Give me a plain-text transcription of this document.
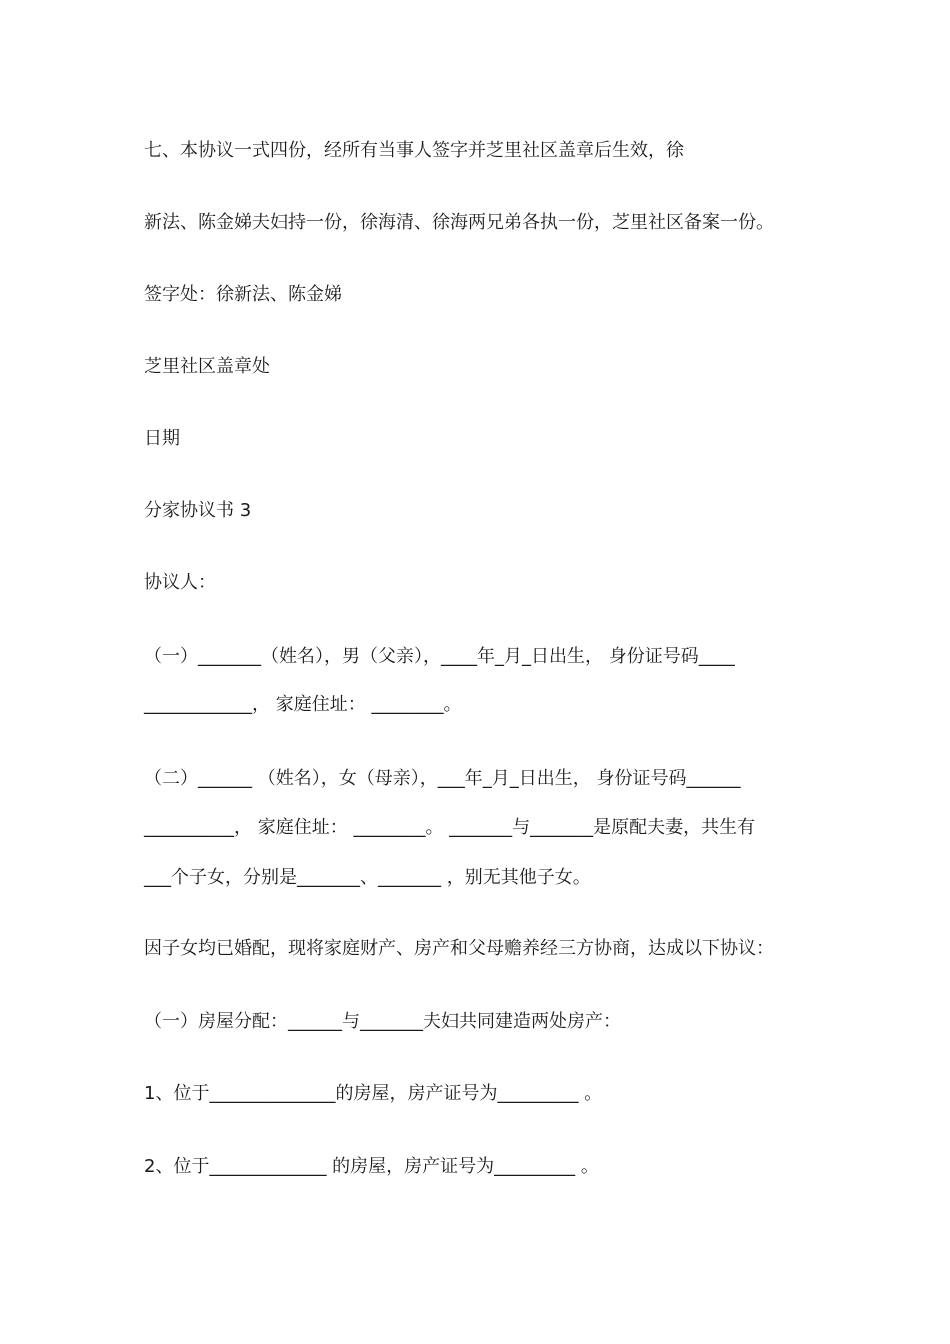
七、本协议一式四份，经所有当事人签字并芝里社区盖章后生效，徐
新法、陈金娣夫妇持一份，徐海清、徐海两兄弟各执一份，芝里社区备案一份。
签字处：徐新法、陈金娣
芝里社区盖章处
日期
分家协议书 3
协议人：
（一）_______（姓名），男（父亲），____年_月_日出生， 身份证号码____
____________， 家庭住址： ________。
（二）______ （姓名），女（母亲），___年_月_日出生， 身份证号码______
__________， 家庭住址： ________。 _______与_______是原配夫妻，共生有
___个子女，分别是_______、_______ ，别无其他子女。
因子女均已婚配，现将家庭财产、房产和父母赡养经三方协商，达成以下协议：
（一）房屋分配：______与_______夫妇共同建造两处房产：
1、位于______________的房屋，房产证号为_________ 。
2、位于_____________ 的房屋，房产证号为_________ 。
